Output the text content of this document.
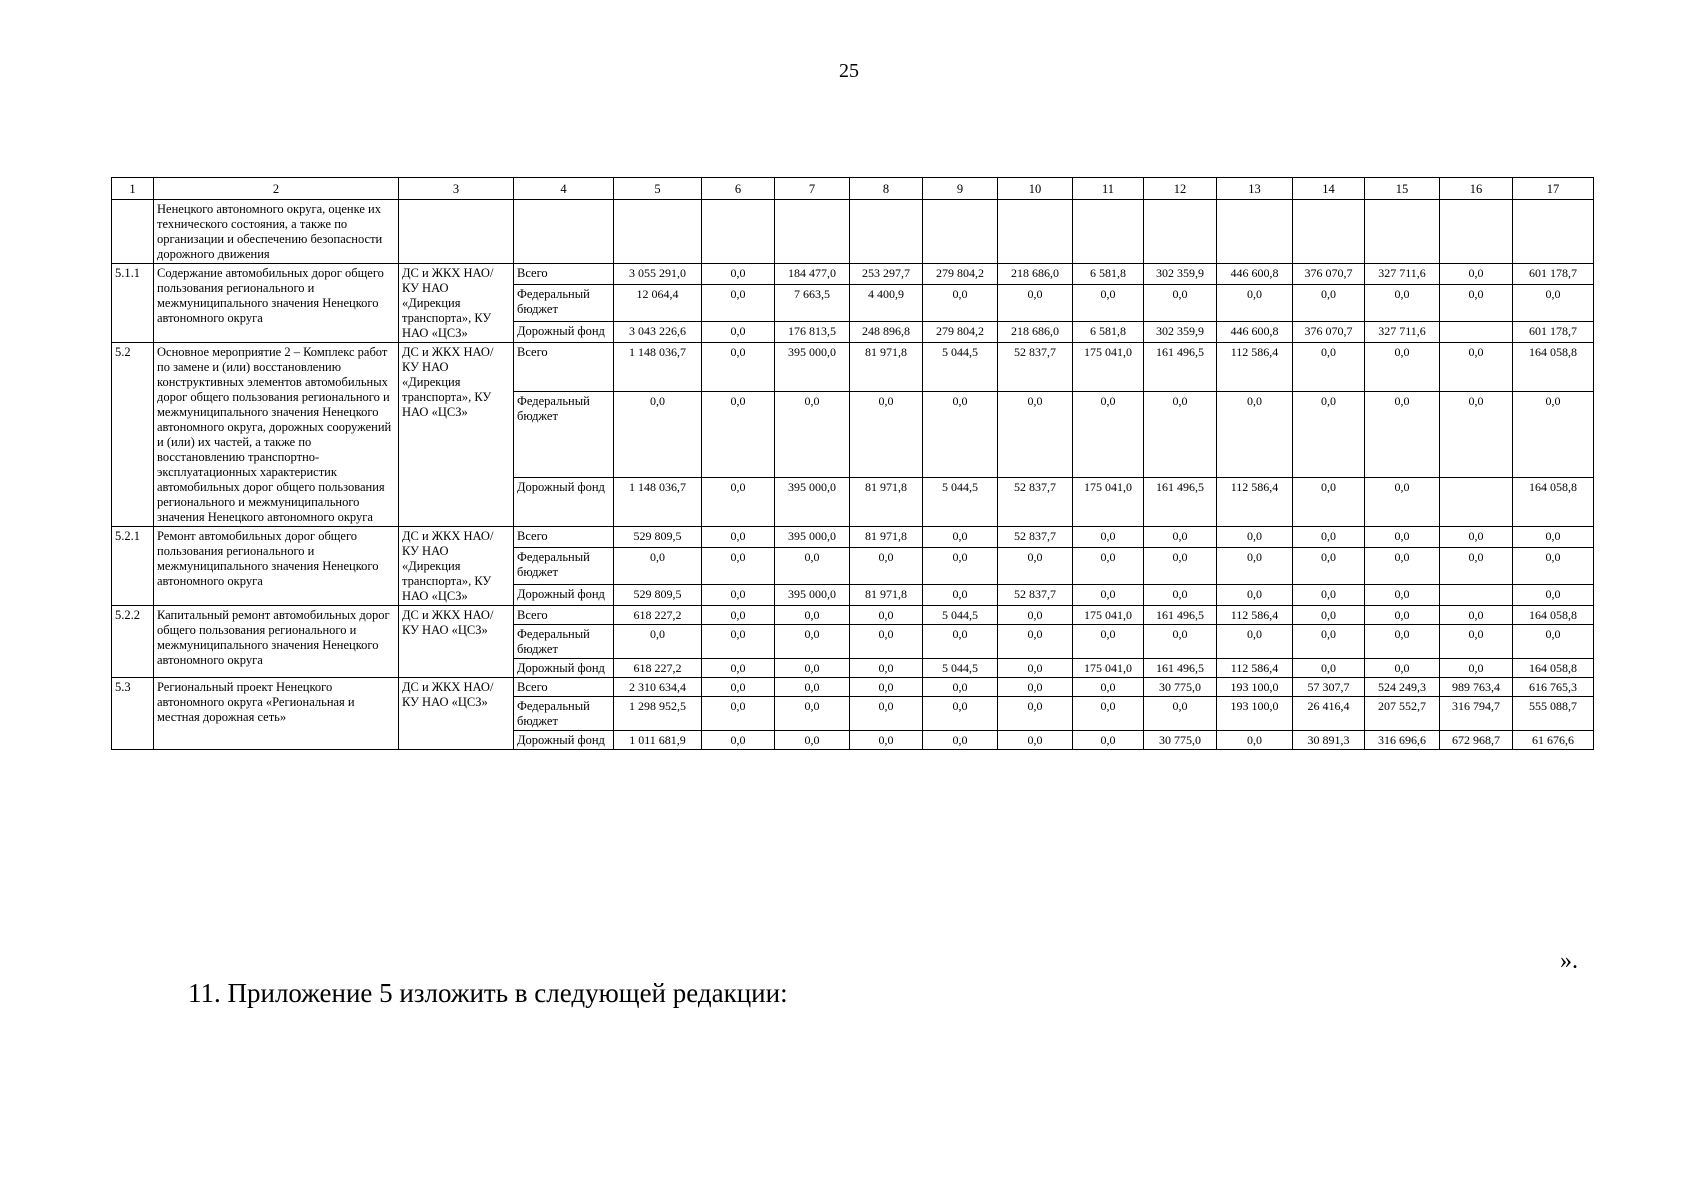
25
1	2	3	4	5	6	7	8	9	10	11	12	13	14	15	16	17
	Ненецкого автономного округа, оценке их технического состояния, а также по организации и обеспечению безопасности дорожного движения															
5.1.1	Содержание автомобильных дорог общего пользования регионального и межмуниципального значения Ненецкого автономного округа	ДС и ЖКХ НАО/ КУ НАО «Дирекция транспорта», КУ НАО «ЦСЗ»	Всего	3 055 291,0	0,0	184 477,0	253 297,7	279 804,2	218 686,0	6 581,8	302 359,9	446 600,8	376 070,7	327 711,6	0,0	601 178,7
			Федеральный бюджет	12 064,4	0,0	7 663,5	4 400,9	0,0	0,0	0,0	0,0	0,0	0,0	0,0	0,0	0,0
			Дорожный фонд	3 043 226,6	0,0	176 813,5	248 896,8	279 804,2	218 686,0	6 581,8	302 359,9	446 600,8	376 070,7	327 711,6		601 178,7
5.2	Основное мероприятие 2 – Комплекс работ по замене и (или) восстановлению конструктивных элементов автомобильных дорог общего пользования регионального и межмуниципального значения Ненецкого автономного округа, дорожных сооружений и (или) их частей, а также по восстановлению транспортно-эксплуатационных характеристик автомобильных дорог общего пользования регионального и межмуниципального значения Ненецкого автономного округа	ДС и ЖКХ НАО/ КУ НАО «Дирекция транспорта», КУ НАО «ЦСЗ»	Всего	1 148 036,7	0,0	395 000,0	81 971,8	5 044,5	52 837,7	175 041,0	161 496,5	112 586,4	0,0	0,0	0,0	164 058,8
			Федеральный бюджет	0,0	0,0	0,0	0,0	0,0	0,0	0,0	0,0	0,0	0,0	0,0	0,0	0,0
			Дорожный фонд	1 148 036,7	0,0	395 000,0	81 971,8	5 044,5	52 837,7	175 041,0	161 496,5	112 586,4	0,0	0,0		164 058,8
5.2.1	Ремонт автомобильных дорог общего пользования регионального и межмуниципального значения Ненецкого автономного округа	ДС и ЖКХ НАО/ КУ НАО «Дирекция транспорта», КУ НАО «ЦСЗ»	Всего	529 809,5	0,0	395 000,0	81 971,8	0,0	52 837,7	0,0	0,0	0,0	0,0	0,0	0,0	0,0
			Федеральный бюджет	0,0	0,0	0,0	0,0	0,0	0,0	0,0	0,0	0,0	0,0	0,0	0,0	0,0
			Дорожный фонд	529 809,5	0,0	395 000,0	81 971,8	0,0	52 837,7	0,0	0,0	0,0	0,0	0,0		0,0
5.2.2	Капитальный ремонт автомобильных дорог общего пользования регионального и межмуниципального значения Ненецкого автономного округа	ДС и ЖКХ НАО/ КУ НАО «ЦСЗ»	Всего	618 227,2	0,0	0,0	0,0	5 044,5	0,0	175 041,0	161 496,5	112 586,4	0,0	0,0	0,0	164 058,8
			Федеральный бюджет	0,0	0,0	0,0	0,0	0,0	0,0	0,0	0,0	0,0	0,0	0,0	0,0	0,0
			Дорожный фонд	618 227,2	0,0	0,0	0,0	5 044,5	0,0	175 041,0	161 496,5	112 586,4	0,0	0,0	0,0	164 058,8
5.3	Региональный проект Ненецкого автономного округа «Региональная и местная дорожная сеть»	ДС и ЖКХ НАО/ КУ НАО «ЦСЗ»	Всего	2 310 634,4	0,0	0,0	0,0	0,0	0,0	0,0	30 775,0	193 100,0	57 307,7	524 249,3	989 763,4	616 765,3
			Федеральный бюджет	1 298 952,5	0,0	0,0	0,0	0,0	0,0	0,0	0,0	193 100,0	26 416,4	207 552,7	316 794,7	555 088,7
			Дорожный фонд	1 011 681,9	0,0	0,0	0,0	0,0	0,0	0,0	30 775,0	0,0	30 891,3	316 696,6	672 968,7	61 676,6
».
11. Приложение 5 изложить в следующей редакции:
